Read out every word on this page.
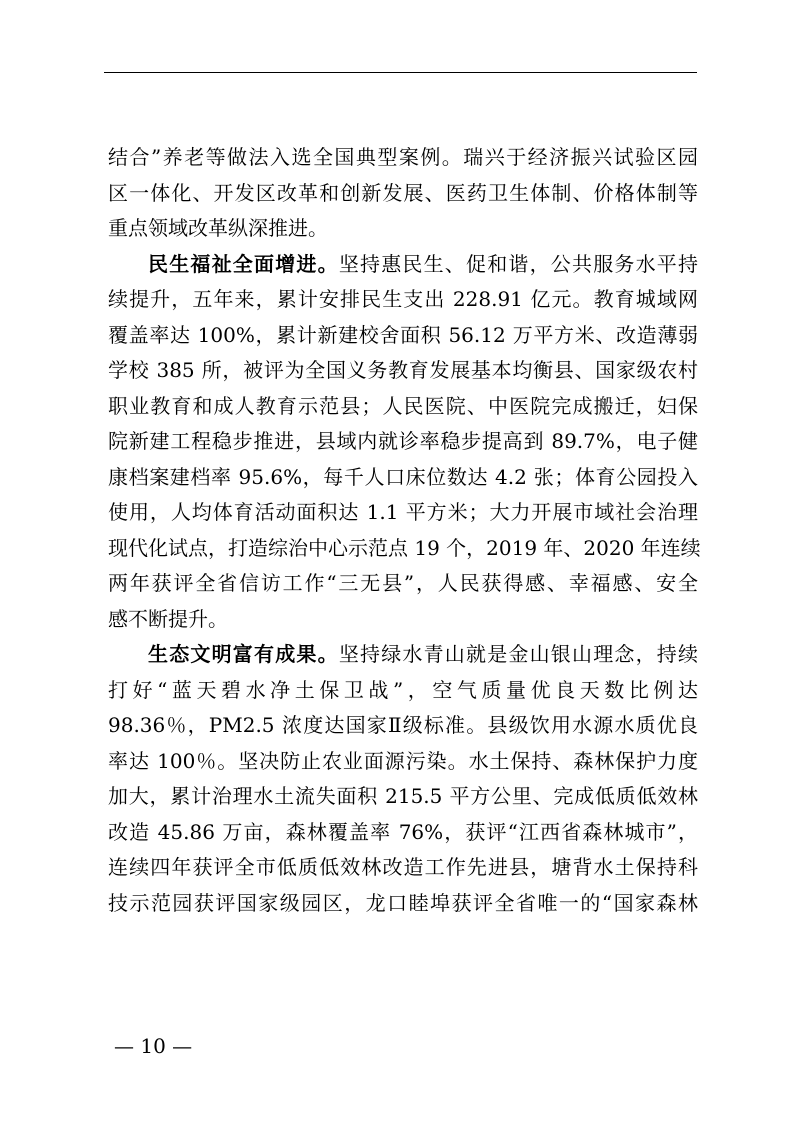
结合”养老等做法入选全国典型案例。瑞兴于经济振兴试验区园
区一体化、开发区改革和创新发展、医药卫生体制、价格体制等
重点领域改革纵深推进。
民生福祉全面增进。坚持惠民生、促和谐，公共服务水平持
续提升，五年来，累计安排民生支出 228.91 亿元。教育城域网
覆盖率达 100%，累计新建校舍面积 56.12 万平方米、改造薄弱
学校 385 所，被评为全国义务教育发展基本均衡县、国家级农村
职业教育和成人教育示范县；人民医院、中医院完成搬迁，妇保
院新建工程稳步推进，县域内就诊率稳步提高到 89.7%，电子健
康档案建档率 95.6%，每千人口床位数达 4.2 张；体育公园投入
使用，人均体育活动面积达 1.1 平方米；大力开展市域社会治理
现代化试点，打造综治中心示范点 19 个，2019 年、2020 年连续
两年获评全省信访工作“三无县”，人民获得感、幸福感、安全
感不断提升。
生态文明富有成果。坚持绿水青山就是金山银山理念，持续
打好“蓝天碧水净土保卫战”，空气质量优良天数比例达
98.36％，PM2.5 浓度达国家Ⅱ级标准。县级饮用水源水质优良
率达 100％。坚决防止农业面源污染。水土保持、森林保护力度
加大，累计治理水土流失面积 215.5 平方公里、完成低质低效林
改造 45.86 万亩，森林覆盖率 76%，获评“江西省森林城市”，
连续四年获评全市低质低效林改造工作先进县，塘背水土保持科
技示范园获评国家级园区，龙口睦埠获评全省唯一的“国家森林
— 10 —
